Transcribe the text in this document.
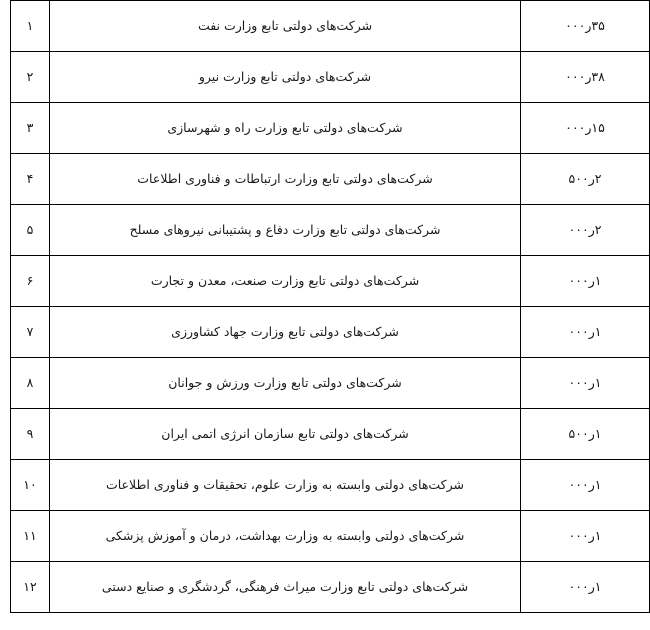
۳۵ر۰۰۰	شرکت‌های دولتی تابع وزارت نفت	۱

۳۸ر۰۰۰	شرکت‌های دولتی تابع وزارت نیرو	۲

۱۵ر۰۰۰	شرکت‌های دولتی تابع وزارت راه و شهرسازی	۳

۲ر۵۰۰	شرکت‌های دولتی تابع وزارت ارتباطات و فناوری اطلاعات	۴

۲ر۰۰۰	شرکت‌های دولتی تابع وزارت دفاع و پشتیبانی نیروهای مسلح	۵

۱ر۰۰۰	شرکت‌های دولتی تابع وزارت صنعت، معدن و تجارت	۶

۱ر۰۰۰	شرکت‌های دولتی تابع وزارت جهاد کشاورزی	۷

۱ر۰۰۰	شرکت‌های دولتی تابع وزارت ورزش و جوانان	۸

۱ر۵۰۰	شرکت‌های دولتی تابع سازمان انرژی اتمی ایران	۹

۱ر۰۰۰	شرکت‌های دولتی وابسته به وزارت علوم، تحقیقات و فناوری اطلاعات	۱۰

۱ر۰۰۰	شرکت‌های دولتی وابسته به وزارت بهداشت، درمان و آموزش پزشکی	۱۱

۱ر۰۰۰	شرکت‌های دولتی تابع وزارت میراث فرهنگی، گردشگری و صنایع دستی	۱۲
